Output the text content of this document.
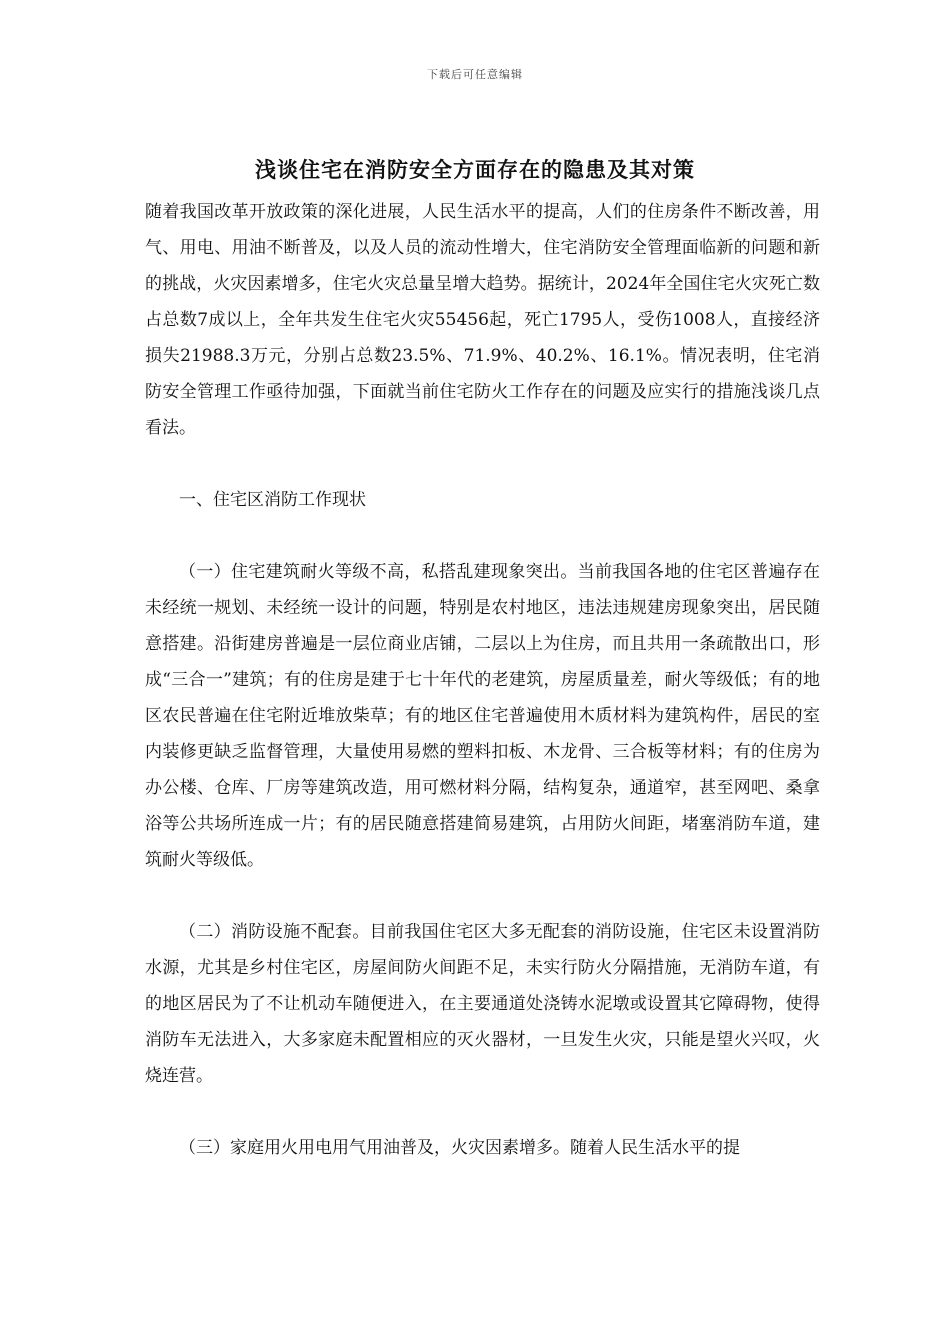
下载后可任意编辑
浅谈住宅在消防安全方面存在的隐患及其对策

随着我国改革开放政策的深化进展，人民生活水平的提高，人们的住房条件不断改善，用气、用电、用油不断普及，以及人员的流动性增大，住宅消防安全管理面临新的问题和新的挑战，火灾因素增多，住宅火灾总量呈增大趋势。据统计，2024年全国住宅火灾死亡数占总数7成以上，全年共发生住宅火灾55456起，死亡1795人，受伤1008人，直接经济损失21988.3万元，分别占总数23.5%、71.9%、40.2%、16.1%。情况表明，住宅消防安全管理工作亟待加强，下面就当前住宅防火工作存在的问题及应实行的措施浅谈几点看法。

一、住宅区消防工作现状

（一）住宅建筑耐火等级不高，私搭乱建现象突出。当前我国各地的住宅区普遍存在未经统一规划、未经统一设计的问题，特别是农村地区，违法违规建房现象突出，居民随意搭建。沿街建房普遍是一层位商业店铺，二层以上为住房，而且共用一条疏散出口，形成“三合一”建筑；有的住房是建于七十年代的老建筑，房屋质量差，耐火等级低；有的地区农民普遍在住宅附近堆放柴草；有的地区住宅普遍使用木质材料为建筑构件，居民的室内装修更缺乏监督管理，大量使用易燃的塑料扣板、木龙骨、三合板等材料；有的住房为办公楼、仓库、厂房等建筑改造，用可燃材料分隔，结构复杂，通道窄，甚至网吧、桑拿浴等公共场所连成一片；有的居民随意搭建简易建筑，占用防火间距，堵塞消防车道，建筑耐火等级低。

（二）消防设施不配套。目前我国住宅区大多无配套的消防设施，住宅区未设置消防水源，尤其是乡村住宅区，房屋间防火间距不足，未实行防火分隔措施，无消防车道，有的地区居民为了不让机动车随便进入，在主要通道处浇铸水泥墩或设置其它障碍物，使得消防车无法进入，大多家庭未配置相应的灭火器材，一旦发生火灾，只能是望火兴叹，火烧连营。

（三）家庭用火用电用气用油普及，火灾因素增多。随着人民生活水平的提
